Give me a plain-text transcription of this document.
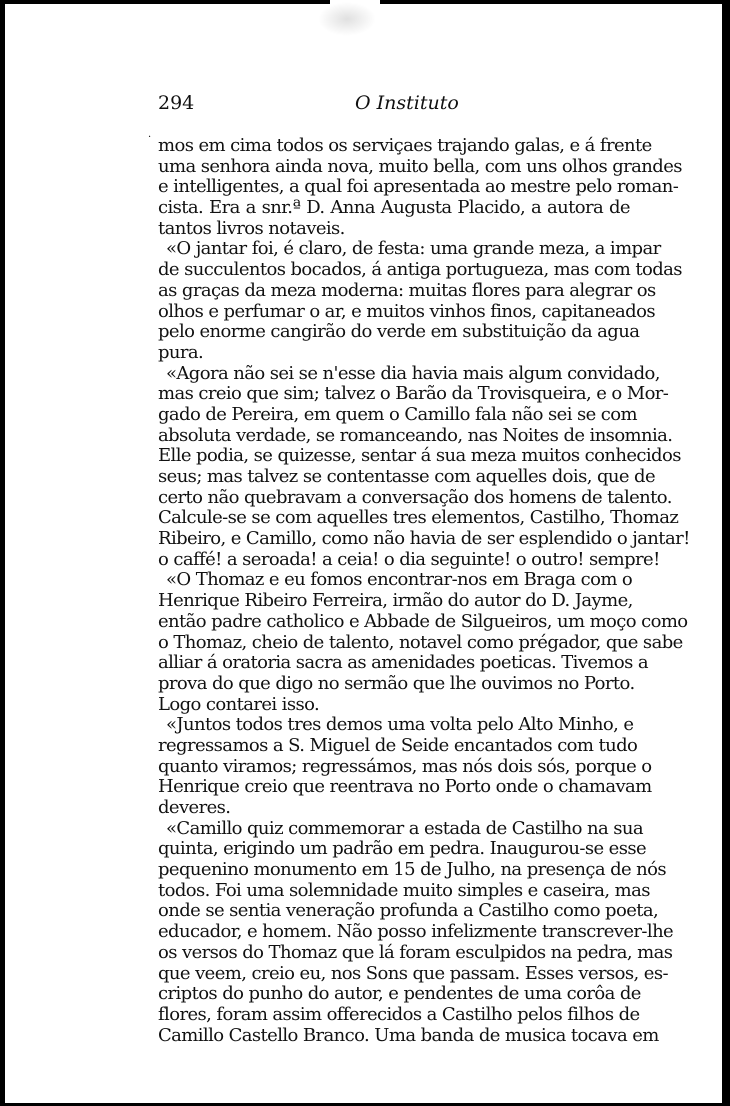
294	O Instituto
· mos em cima todos os serviçaes trajando galas, e á frente
uma senhora ainda nova, muito bella, com uns olhos grandes
e intelligentes, a qual foi apresentada ao mestre pelo roman-
cista. Era a snr.ª D. Anna Augusta Placido, a autora de
tantos livros notaveis.
«O jantar foi, é claro, de festa: uma grande meza, a impar
de succulentos bocados, á antiga portugueza, mas com todas
as graças da meza moderna: muitas flores para alegrar os
olhos e perfumar o ar, e muitos vinhos finos, capitaneados
pelo enorme cangirão do verde em substituição da agua
pura.
«Agora não sei se n'esse dia havia mais algum convidado,
mas creio que sim; talvez o Barão da Trovisqueira, e o Mor-
gado de Pereira, em quem o Camillo fala não sei se com
absoluta verdade, se romanceando, nas Noites de insomnia.
Elle podia, se quizesse, sentar á sua meza muitos conhecidos
seus; mas talvez se contentasse com aquelles dois, que de
certo não quebravam a conversação dos homens de talento.
Calcule-se se com aquelles tres elementos, Castilho, Thomaz
Ribeiro, e Camillo, como não havia de ser esplendido o jantar!
o caffé! a seroada! a ceia! o dia seguinte! o outro! sempre!
«O Thomaz e eu fomos encontrar-nos em Braga com o
Henrique Ribeiro Ferreira, irmão do autor do D. Jayme,
então padre catholico e Abbade de Silgueiros, um moço como
o Thomaz, cheio de talento, notavel como prégador, que sabe
alliar á oratoria sacra as amenidades poeticas. Tivemos a
prova do que digo no sermão que lhe ouvimos no Porto.
Logo contarei isso.
«Juntos todos tres demos uma volta pelo Alto Minho, e
regressamos a S. Miguel de Seide encantados com tudo
quanto viramos; regressámos, mas nós dois sós, porque o
Henrique creio que reentrava no Porto onde o chamavam
deveres.
«Camillo quiz commemorar a estada de Castilho na sua
quinta, erigindo um padrão em pedra. Inaugurou-se esse
pequenino monumento em 15 de Julho, na presença de nós
todos. Foi uma solemnidade muito simples e caseira, mas
onde se sentia veneração profunda a Castilho como poeta,
educador, e homem. Não posso infelizmente transcrever-lhe
os versos do Thomaz que lá foram esculpidos na pedra, mas
que veem, creio eu, nos Sons que passam. Esses versos, es-
criptos do punho do autor, e pendentes de uma corôa de
flores, foram assim offerecidos a Castilho pelos filhos de
Camillo Castello Branco. Uma banda de musica tocava em
